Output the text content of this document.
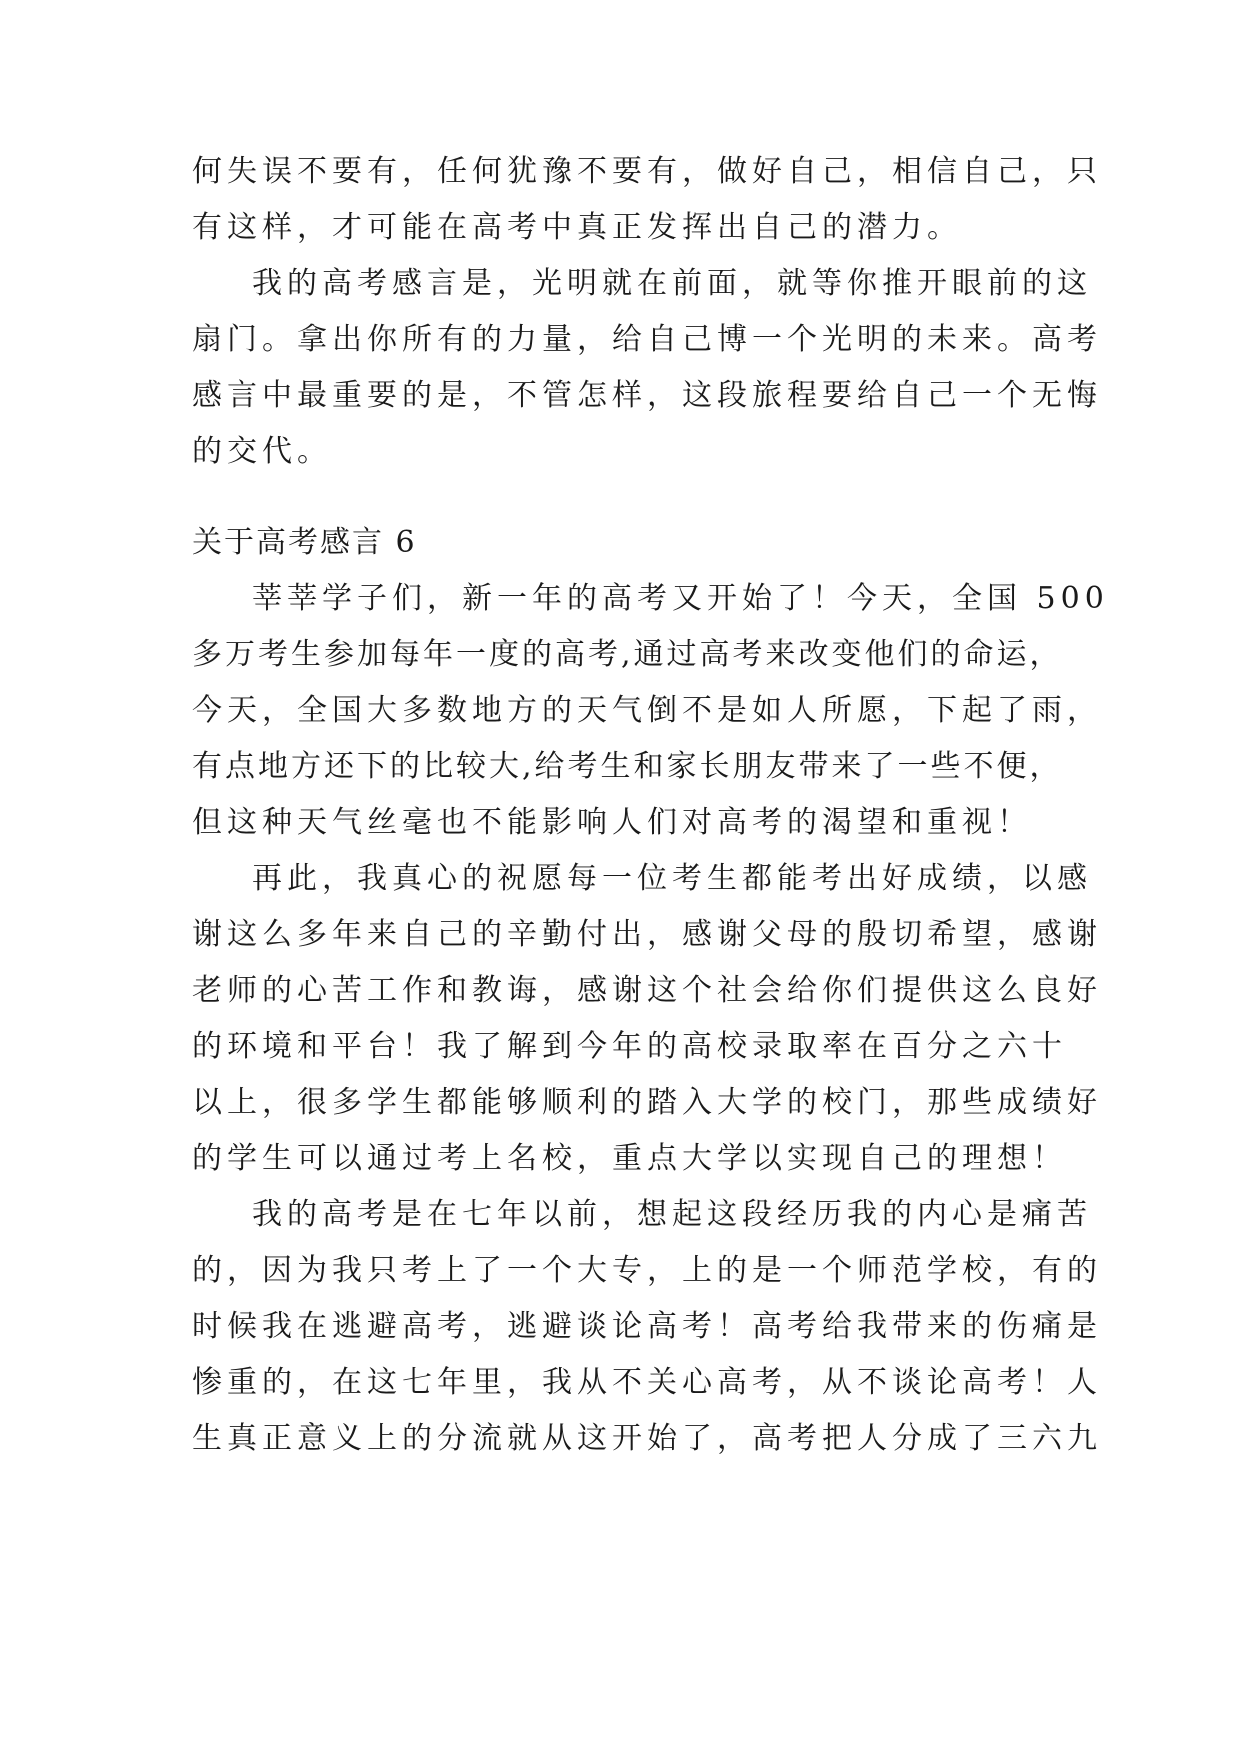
何失误不要有，任何犹豫不要有，做好自己，相信自己，只
有这样，才可能在高考中真正发挥出自己的潜力。
我的高考感言是，光明就在前面，就等你推开眼前的这
扇门。拿出你所有的力量，给自己博一个光明的未来。高考
感言中最重要的是，不管怎样，这段旅程要给自己一个无悔
的交代。
关于高考感言 6
莘莘学子们，新一年的高考又开始了！今天，全国 500
多万考生参加每年一度的高考,通过高考来改变他们的命运，
今天，全国大多数地方的天气倒不是如人所愿，下起了雨，
有点地方还下的比较大,给考生和家长朋友带来了一些不便，
但这种天气丝毫也不能影响人们对高考的渴望和重视！
再此，我真心的祝愿每一位考生都能考出好成绩，以感
谢这么多年来自己的辛勤付出，感谢父母的殷切希望，感谢
老师的心苦工作和教诲，感谢这个社会给你们提供这么良好
的环境和平台！我了解到今年的高校录取率在百分之六十
以上，很多学生都能够顺利的踏入大学的校门，那些成绩好
的学生可以通过考上名校，重点大学以实现自己的理想！
我的高考是在七年以前，想起这段经历我的内心是痛苦
的，因为我只考上了一个大专，上的是一个师范学校，有的
时候我在逃避高考，逃避谈论高考！高考给我带来的伤痛是
惨重的，在这七年里，我从不关心高考，从不谈论高考！人
生真正意义上的分流就从这开始了，高考把人分成了三六九
